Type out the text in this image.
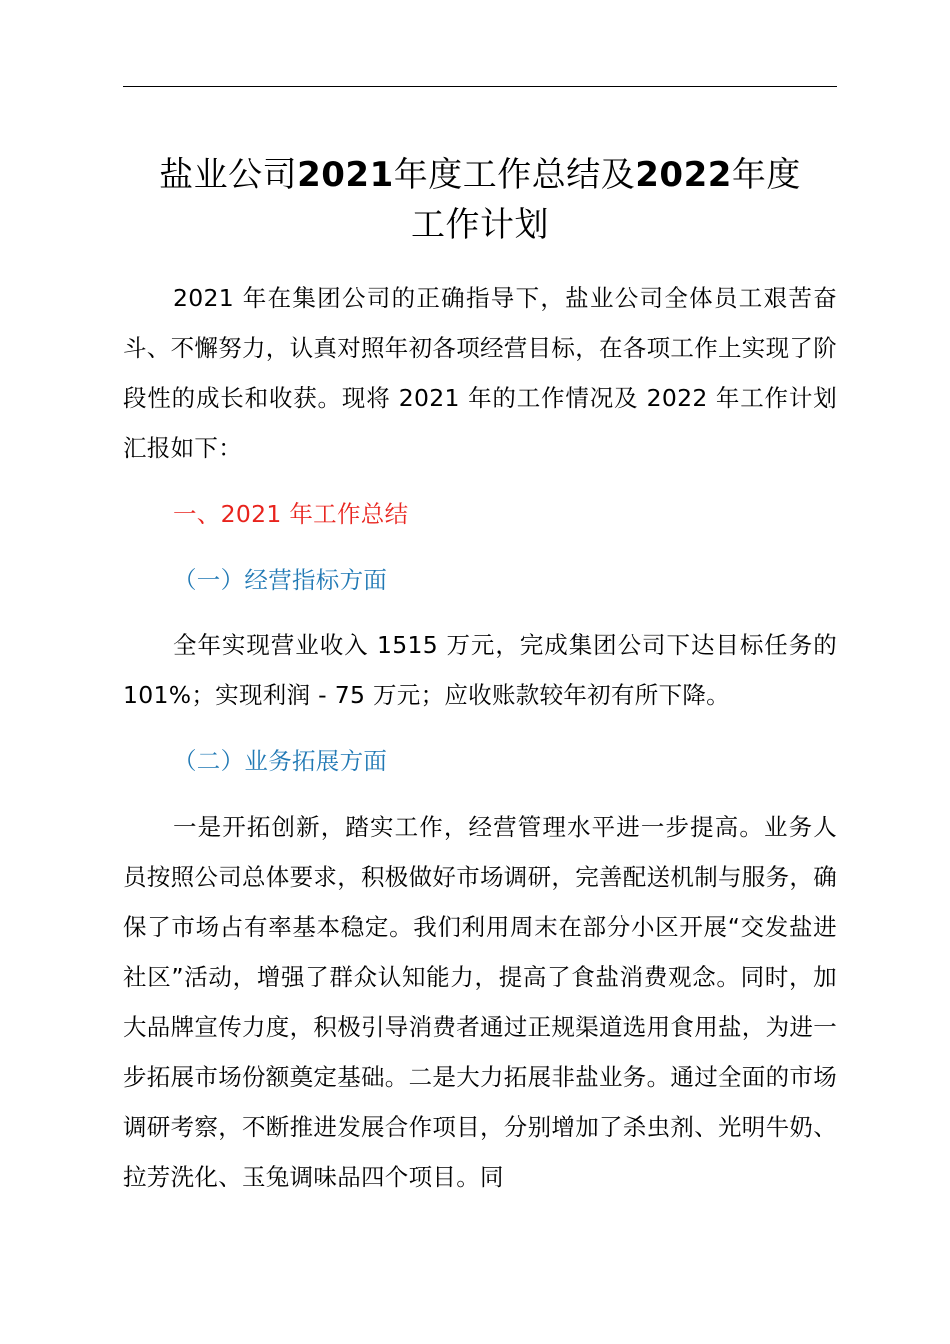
盐业公司2021年度工作总结及2022年度
工作计划

2021 年在集团公司的正确指导下，盐业公司全体员工艰苦奋斗、不懈努力，认真对照年初各项经营目标，在各项工作上实现了阶段性的成长和收获。现将 2021 年的工作情况及 2022 年工作计划汇报如下：

一、2021 年工作总结
（一）经营指标方面

全年实现营业收入 1515 万元，完成集团公司下达目标任务的 101%；实现利润 - 75 万元；应收账款较年初有所下降。

（二）业务拓展方面

一是开拓创新，踏实工作，经营管理水平进一步提高。业务人员按照公司总体要求，积极做好市场调研，完善配送机制与服务，确保了市场占有率基本稳定。我们利用周末在部分小区开展“交发盐进社区”活动，增强了群众认知能力，提高了食盐消费观念。同时，加大品牌宣传力度，积极引导消费者通过正规渠道选用食用盐，为进一步拓展市场份额奠定基础。二是大力拓展非盐业务。通过全面的市场调研考察，不断推进发展合作项目，分别增加了杀虫剂、光明牛奶、拉芳洗化、玉兔调味品四个项目。同
